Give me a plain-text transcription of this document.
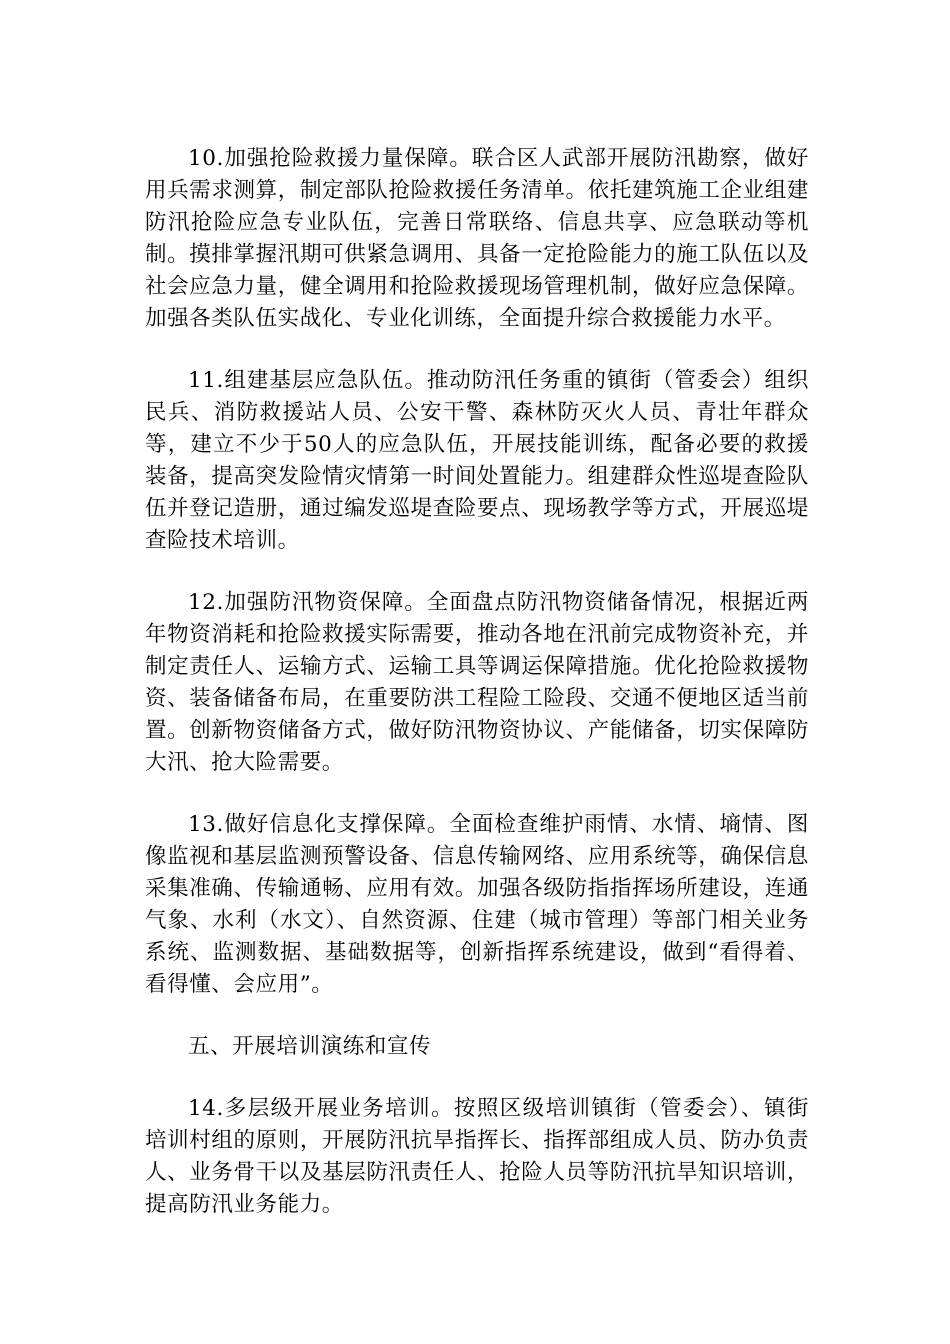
10.加强抢险救援力量保障。联合区人武部开展防汛勘察，做好用兵需求测算，制定部队抢险救援任务清单。依托建筑施工企业组建防汛抢险应急专业队伍，完善日常联络、信息共享、应急联动等机制。摸排掌握汛期可供紧急调用、具备一定抢险能力的施工队伍以及社会应急力量，健全调用和抢险救援现场管理机制，做好应急保障。加强各类队伍实战化、专业化训练，全面提升综合救援能力水平。

11.组建基层应急队伍。推动防汛任务重的镇街（管委会）组织民兵、消防救援站人员、公安干警、森林防灭火人员、青壮年群众等，建立不少于50人的应急队伍，开展技能训练，配备必要的救援装备，提高突发险情灾情第一时间处置能力。组建群众性巡堤查险队伍并登记造册，通过编发巡堤查险要点、现场教学等方式，开展巡堤查险技术培训。

12.加强防汛物资保障。全面盘点防汛物资储备情况，根据近两年物资消耗和抢险救援实际需要，推动各地在汛前完成物资补充，并制定责任人、运输方式、运输工具等调运保障措施。优化抢险救援物资、装备储备布局，在重要防洪工程险工险段、交通不便地区适当前置。创新物资储备方式，做好防汛物资协议、产能储备，切实保障防大汛、抢大险需要。

13.做好信息化支撑保障。全面检查维护雨情、水情、墒情、图像监视和基层监测预警设备、信息传输网络、应用系统等，确保信息采集准确、传输通畅、应用有效。加强各级防指指挥场所建设，连通气象、水利（水文）、自然资源、住建（城市管理）等部门相关业务系统、监测数据、基础数据等，创新指挥系统建设，做到“看得着、看得懂、会应用”。

五、开展培训演练和宣传

14.多层级开展业务培训。按照区级培训镇街（管委会）、镇街培训村组的原则，开展防汛抗旱指挥长、指挥部组成人员、防办负责人、业务骨干以及基层防汛责任人、抢险人员等防汛抗旱知识培训，提高防汛业务能力。
